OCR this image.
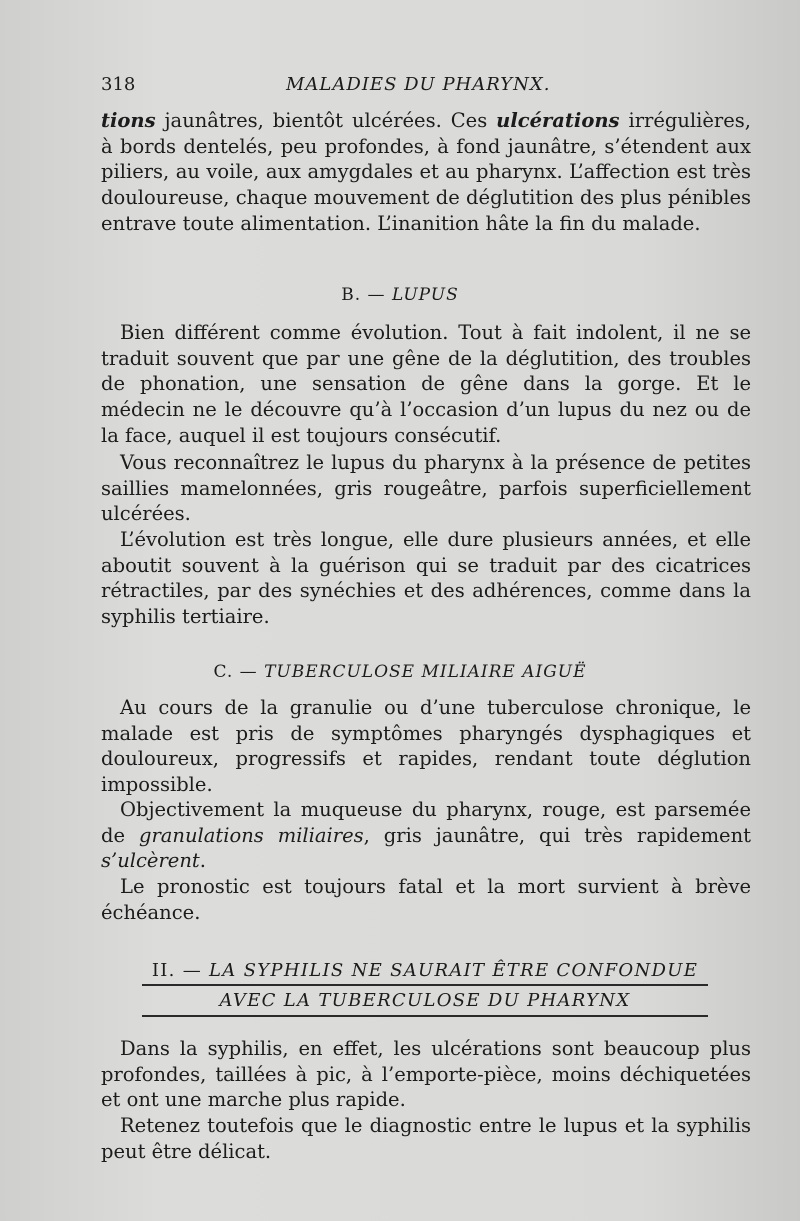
318	MALADIES DU PHARYNX.

tions jaunâtres, bientôt ulcérées. Ces ulcérations irrégulières, à bords dentelés, peu profondes, à fond jaunâtre, s’étendent aux piliers, au voile, aux amygdales et au pharynx. L’affection est très douloureuse, chaque mouvement de déglutition des plus pénibles entrave toute alimentation. L’inanition hâte la fin du malade.

B. — LUPUS

Bien différent comme évolution. Tout à fait indolent, il ne se traduit souvent que par une gêne de la déglutition, des troubles de phonation, une sensation de gêne dans la gorge. Et le médecin ne le découvre qu’à l’occasion d’un lupus du nez ou de la face, auquel il est toujours consécutif.

Vous reconnaîtrez le lupus du pharynx à la présence de petites saillies mamelonnées, gris rougeâtre, parfois superficiellement ulcérées.

L’évolution est très longue, elle dure plusieurs années, et elle aboutit souvent à la guérison qui se traduit par des cicatrices rétractiles, par des synéchies et des adhérences, comme dans la syphilis tertiaire.

C. — TUBERCULOSE MILIAIRE AIGUË

Au cours de la granulie ou d’une tuberculose chronique, le malade est pris de symptômes pharyngés dysphagiques et douloureux, progressifs et rapides, rendant toute déglution impossible.

Objectivement la muqueuse du pharynx, rouge, est parsemée de granulations miliaires, gris jaunâtre, qui très rapidement s’ulcèrent.

Le pronostic est toujours fatal et la mort survient à brève échéance.

II. — LA SYPHILIS NE SAURAIT ÊTRE CONFONDUE
AVEC LA TUBERCULOSE DU PHARYNX

Dans la syphilis, en effet, les ulcérations sont beaucoup plus profondes, taillées à pic, à l’emporte-pièce, moins déchiquetées et ont une marche plus rapide.

Retenez toutefois que le diagnostic entre le lupus et la syphilis peut être délicat.
